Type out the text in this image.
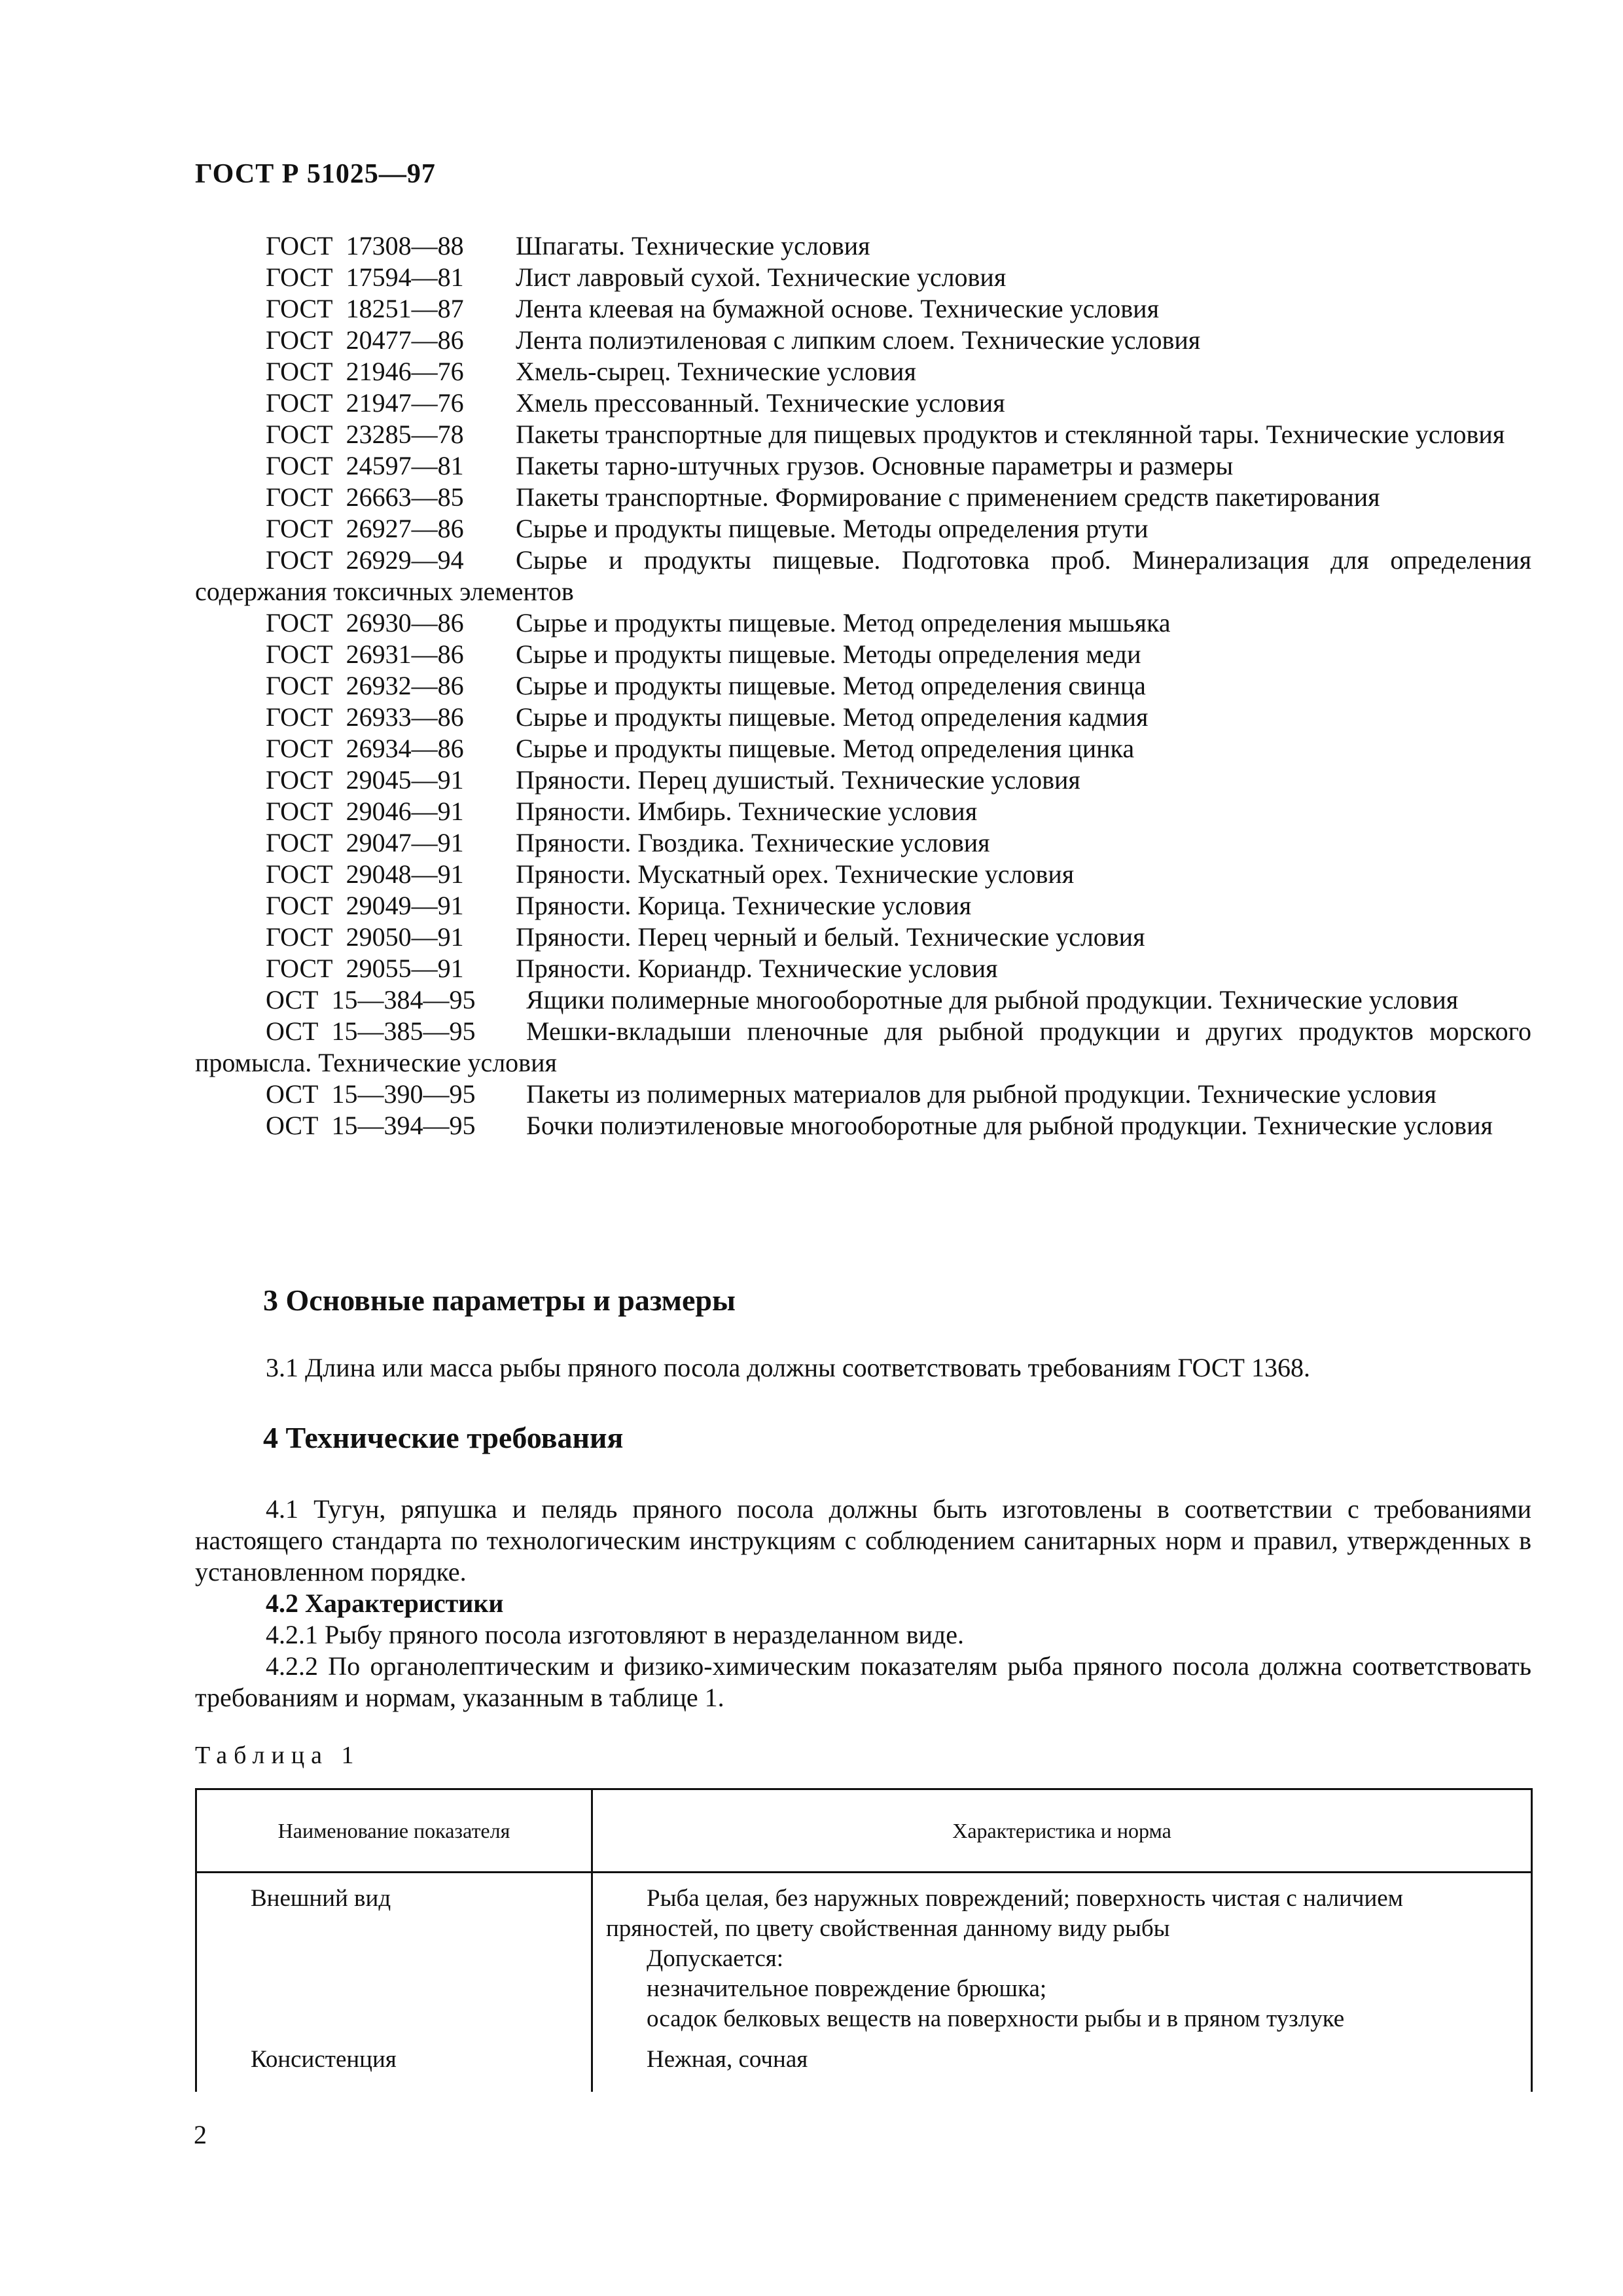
ГОСТ Р 51025—97
ГОСТ  17308—88 Шпагаты. Технические условия
ГОСТ  17594—81 Лист лавровый сухой. Технические условия
ГОСТ  18251—87 Лента клеевая на бумажной основе. Технические условия
ГОСТ  20477—86 Лента полиэтиленовая с липким слоем. Технические условия
ГОСТ  21946—76 Хмель-сырец. Технические условия
ГОСТ  21947—76 Хмель прессованный. Технические условия
ГОСТ  23285—78 Пакеты транспортные для пищевых продуктов и стеклянной тары. Технические условия
ГОСТ  24597—81 Пакеты тарно-штучных грузов. Основные параметры и размеры
ГОСТ  26663—85 Пакеты транспортные. Формирование с применением средств пакетирования
ГОСТ  26927—86 Сырье и продукты пищевые. Методы определения ртути
ГОСТ  26929—94 Сырье и продукты пищевые. Подготовка проб. Минерализация для определения содержания токсичных элементов
ГОСТ  26930—86 Сырье и продукты пищевые. Метод определения мышьяка
ГОСТ  26931—86 Сырье и продукты пищевые. Методы определения меди
ГОСТ  26932—86 Сырье и продукты пищевые. Метод определения свинца
ГОСТ  26933—86 Сырье и продукты пищевые. Метод определения кадмия
ГОСТ  26934—86 Сырье и продукты пищевые. Метод определения цинка
ГОСТ  29045—91 Пряности. Перец душистый. Технические условия
ГОСТ  29046—91 Пряности. Имбирь. Технические условия
ГОСТ  29047—91 Пряности. Гвоздика. Технические условия
ГОСТ  29048—91 Пряности. Мускатный орех. Технические условия
ГОСТ  29049—91 Пряности. Корица. Технические условия
ГОСТ  29050—91 Пряности. Перец черный и белый. Технические условия
ГОСТ  29055—91 Пряности. Кориандр. Технические условия
ОСТ  15—384—95 Ящики полимерные многооборотные для рыбной продукции. Технические условия
ОСТ  15—385—95 Мешки-вкладыши пленочные для рыбной продукции и других продуктов морского промысла. Технические условия
ОСТ  15—390—95 Пакеты из полимерных материалов для рыбной продукции. Технические условия
ОСТ  15—394—95 Бочки полиэтиленовые многооборотные для рыбной продукции. Технические условия
3 Основные параметры и размеры

3.1 Длина или масса рыбы пряного посола должны соответствовать требованиям ГОСТ 1368.

4 Технические требования

4.1 Тугун, ряпушка и пелядь пряного посола должны быть изготовлены в соответствии с требованиями настоящего стандарта по технологическим инструкциям с соблюдением санитарных норм и правил, утвержденных в установленном порядке.

4.2 Характеристики

4.2.1 Рыбу пряного посола изготовляют в неразделанном виде.

4.2.2 По органолептическим и физико-химическим показателям рыба пряного посола должна соответствовать требованиям и нормам, указанным в таблице 1.

Таблица 1
Наименование показателя	Характеристика и норма
Внешний вид	Рыба целая, без наружных повреждений; поверхность чистая с наличием пряностей, по цвету свойственная данному виду рыбы
Допускается:
незначительное повреждение брюшка;
осадок белковых веществ на поверхности рыбы и в пряном тузлуке

Консистенция	Нежная, сочная
2
